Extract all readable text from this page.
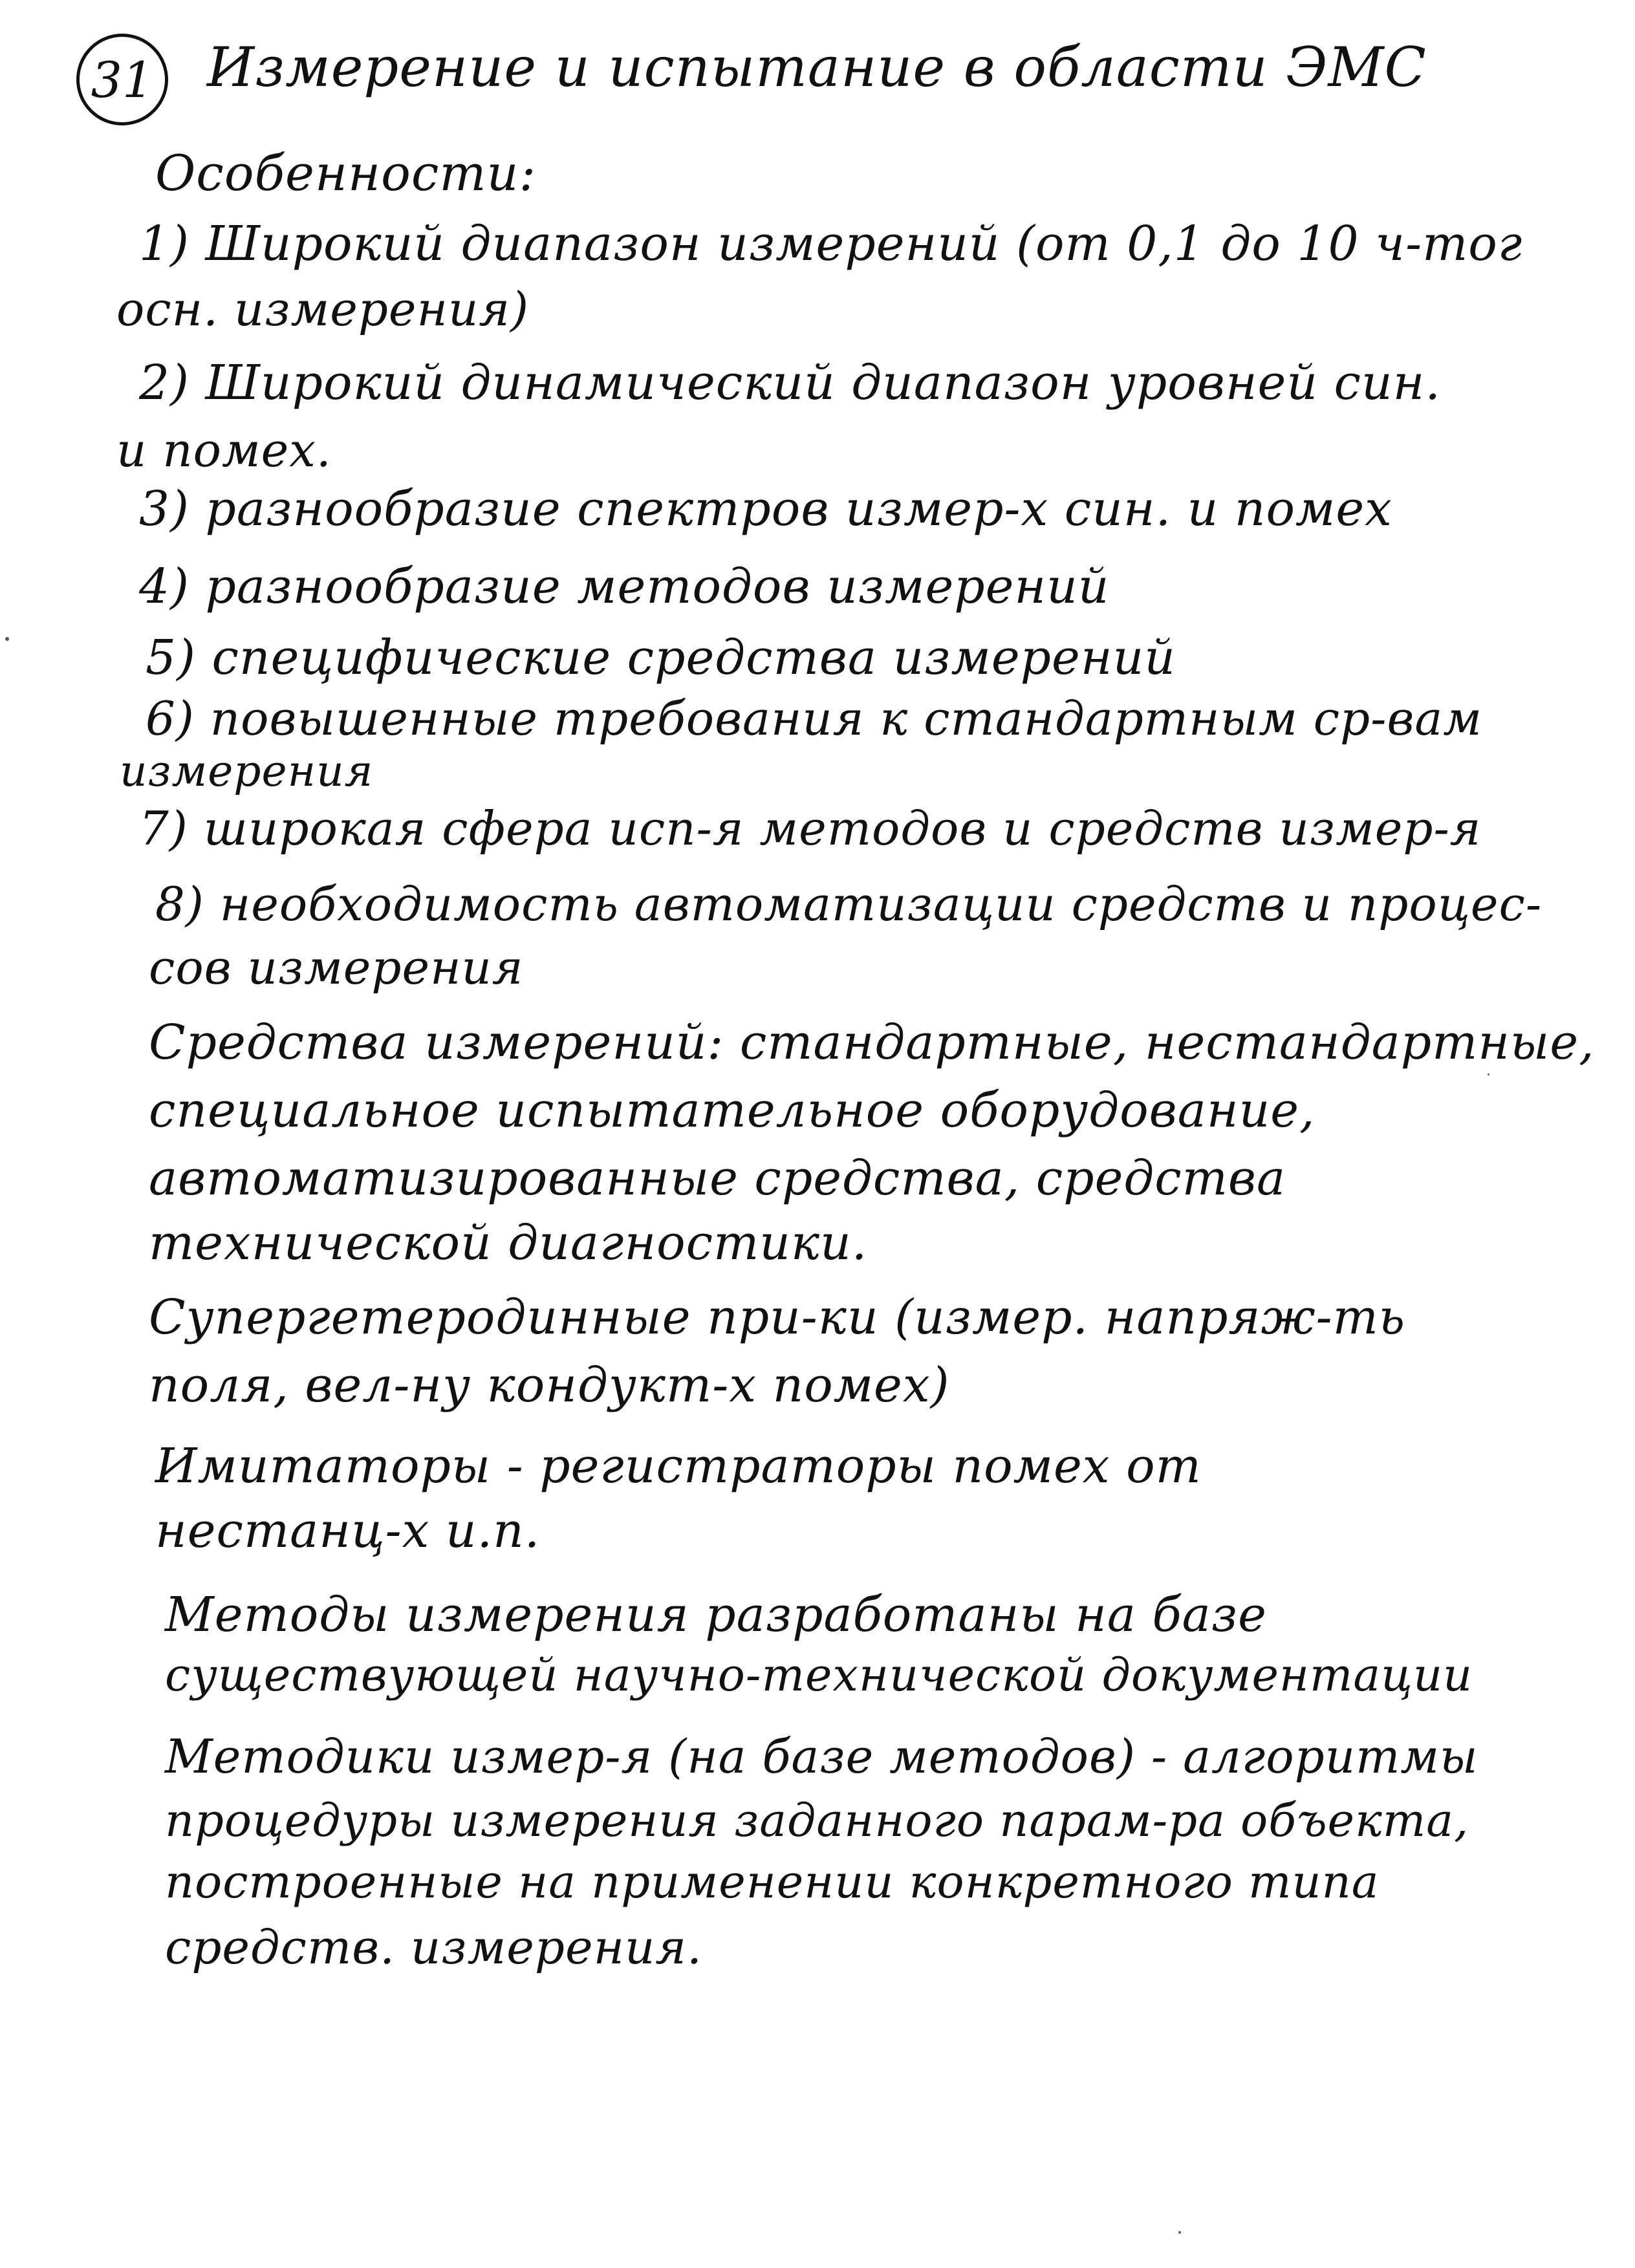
31 Измерение и испытание в области ЭМС
Особенности:
1) Широкий диапазон измерений (от 0,1 до 10 ч-тог
осн. измерения)
2) Широкий динамический диапазон уровней син.
и помех.
3) разнообразие спектров измер-х син. и помех
4) разнообразие методов измерений
5) специфические средства измерений
6) повышенные требования к стандартным ср-вам
измерения
7) широкая сфера исп-я методов и средств измер-я
8) необходимость автоматизации средств и процес-
сов измерения
Средства измерений: стандартные, нестандартные,
специальное испытательное оборудование,
автоматизированные средства, средства
технической диагностики.
Супергетеродинные при-ки (измер. напряж-ть
поля, вел-ну кондукт-х помех)
Имитаторы - регистраторы помех от
нестанц-х и.п.
Методы измерения разработаны на базе
существующей научно-технической документации
Методики измер-я (на базе методов) - алгоритмы
процедуры измерения заданного парам-ра объекта,
построенные на применении конкретного типа
средств. измерения.
